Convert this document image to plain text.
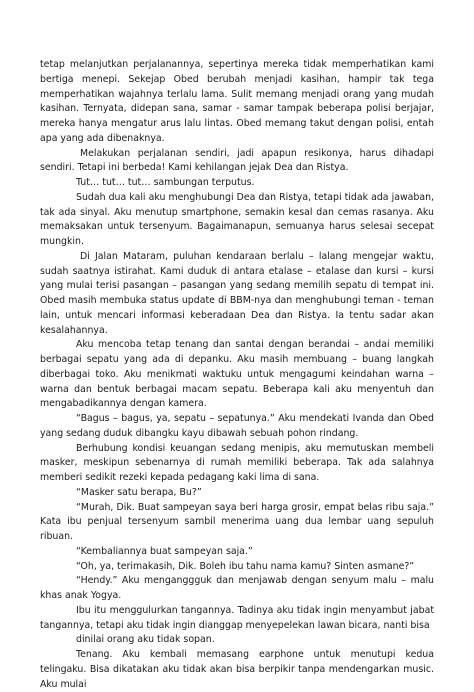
tetap melanjutkan perjalanannya, sepertinya mereka tidak memperhatikan kami bertiga menepi. Sekejap Obed berubah menjadi kasihan, hampir tak tega memperhatikan wajahnya terlalu lama. Sulit memang menjadi orang yang mudah kasihan. Ternyata, didepan sana, samar - samar tampak beberapa polisi berjajar, mereka hanya mengatur arus lalu lintas. Obed memang takut dengan polisi, entah apa yang ada dibenaknya.

Melakukan perjalanan sendiri, jadi apapun resikonya, harus dihadapi sendiri. Tetapi ini berbeda! Kami kehilangan jejak Dea dan Ristya.

Tut… tut… tut… sambungan terputus.

Sudah dua kali aku menghubungi Dea dan Ristya, tetapi tidak ada jawaban, tak ada sinyal. Aku menutup smartphone, semakin kesal dan cemas rasanya. Aku memaksakan untuk tersenyum. Bagaimanapun, semuanya harus selesai secepat mungkin.

Di Jalan Mataram, puluhan kendaraan berlalu – lalang mengejar waktu, sudah saatnya istirahat. Kami duduk di antara etalase – etalase dan kursi – kursi yang mulai terisi pasangan – pasangan yang sedang memilih sepatu di tempat ini. Obed masih membuka status update di BBM-nya dan menghubungi teman - teman lain, untuk mencari informasi keberadaan Dea dan Ristya. Ia tentu sadar akan kesalahannya.

Aku mencoba tetap tenang dan santai dengan berandai – andai memiliki berbagai sepatu yang ada di depanku. Aku masih membuang – buang langkah diberbagai toko. Aku menikmati waktuku untuk mengagumi keindahan warna – warna dan bentuk berbagai macam sepatu. Beberapa kali aku menyentuh dan mengabadikannya dengan kamera.

“Bagus – bagus, ya, sepatu – sepatunya.” Aku mendekati Ivanda dan Obed yang sedang duduk dibangku kayu dibawah sebuah pohon rindang.

Berhubung kondisi keuangan sedang menipis, aku memutuskan membeli masker, meskipun sebenarnya di rumah memiliki beberapa. Tak ada salahnya memberi sedikit rezeki kepada pedagang kaki lima di sana.

“Masker satu berapa, Bu?”

“Murah, Dik. Buat sampeyan saya beri harga grosir, empat belas ribu saja.” Kata ibu penjual tersenyum sambil menerima uang dua lembar uang sepuluh ribuan.

“Kembaliannya buat sampeyan saja.”

“Oh, ya, terimakasih, Dik. Boleh ibu tahu nama kamu? Sinten asmane?”

“Hendy.” Aku menganggguk dan menjawab dengan senyum malu – malu khas anak Yogya.

Ibu itu menggulurkan tangannya. Tadinya aku tidak ingin menyambut jabat tangannya, tetapi aku tidak ingin dianggap menyepelekan lawan bicara, nanti bisa

dinilai orang aku tidak sopan.

Tenang. Aku kembali memasang earphone untuk menutupi kedua telingaku. Bisa dikatakan aku tidak akan bisa berpikir tanpa mendengarkan music. Aku mulai
